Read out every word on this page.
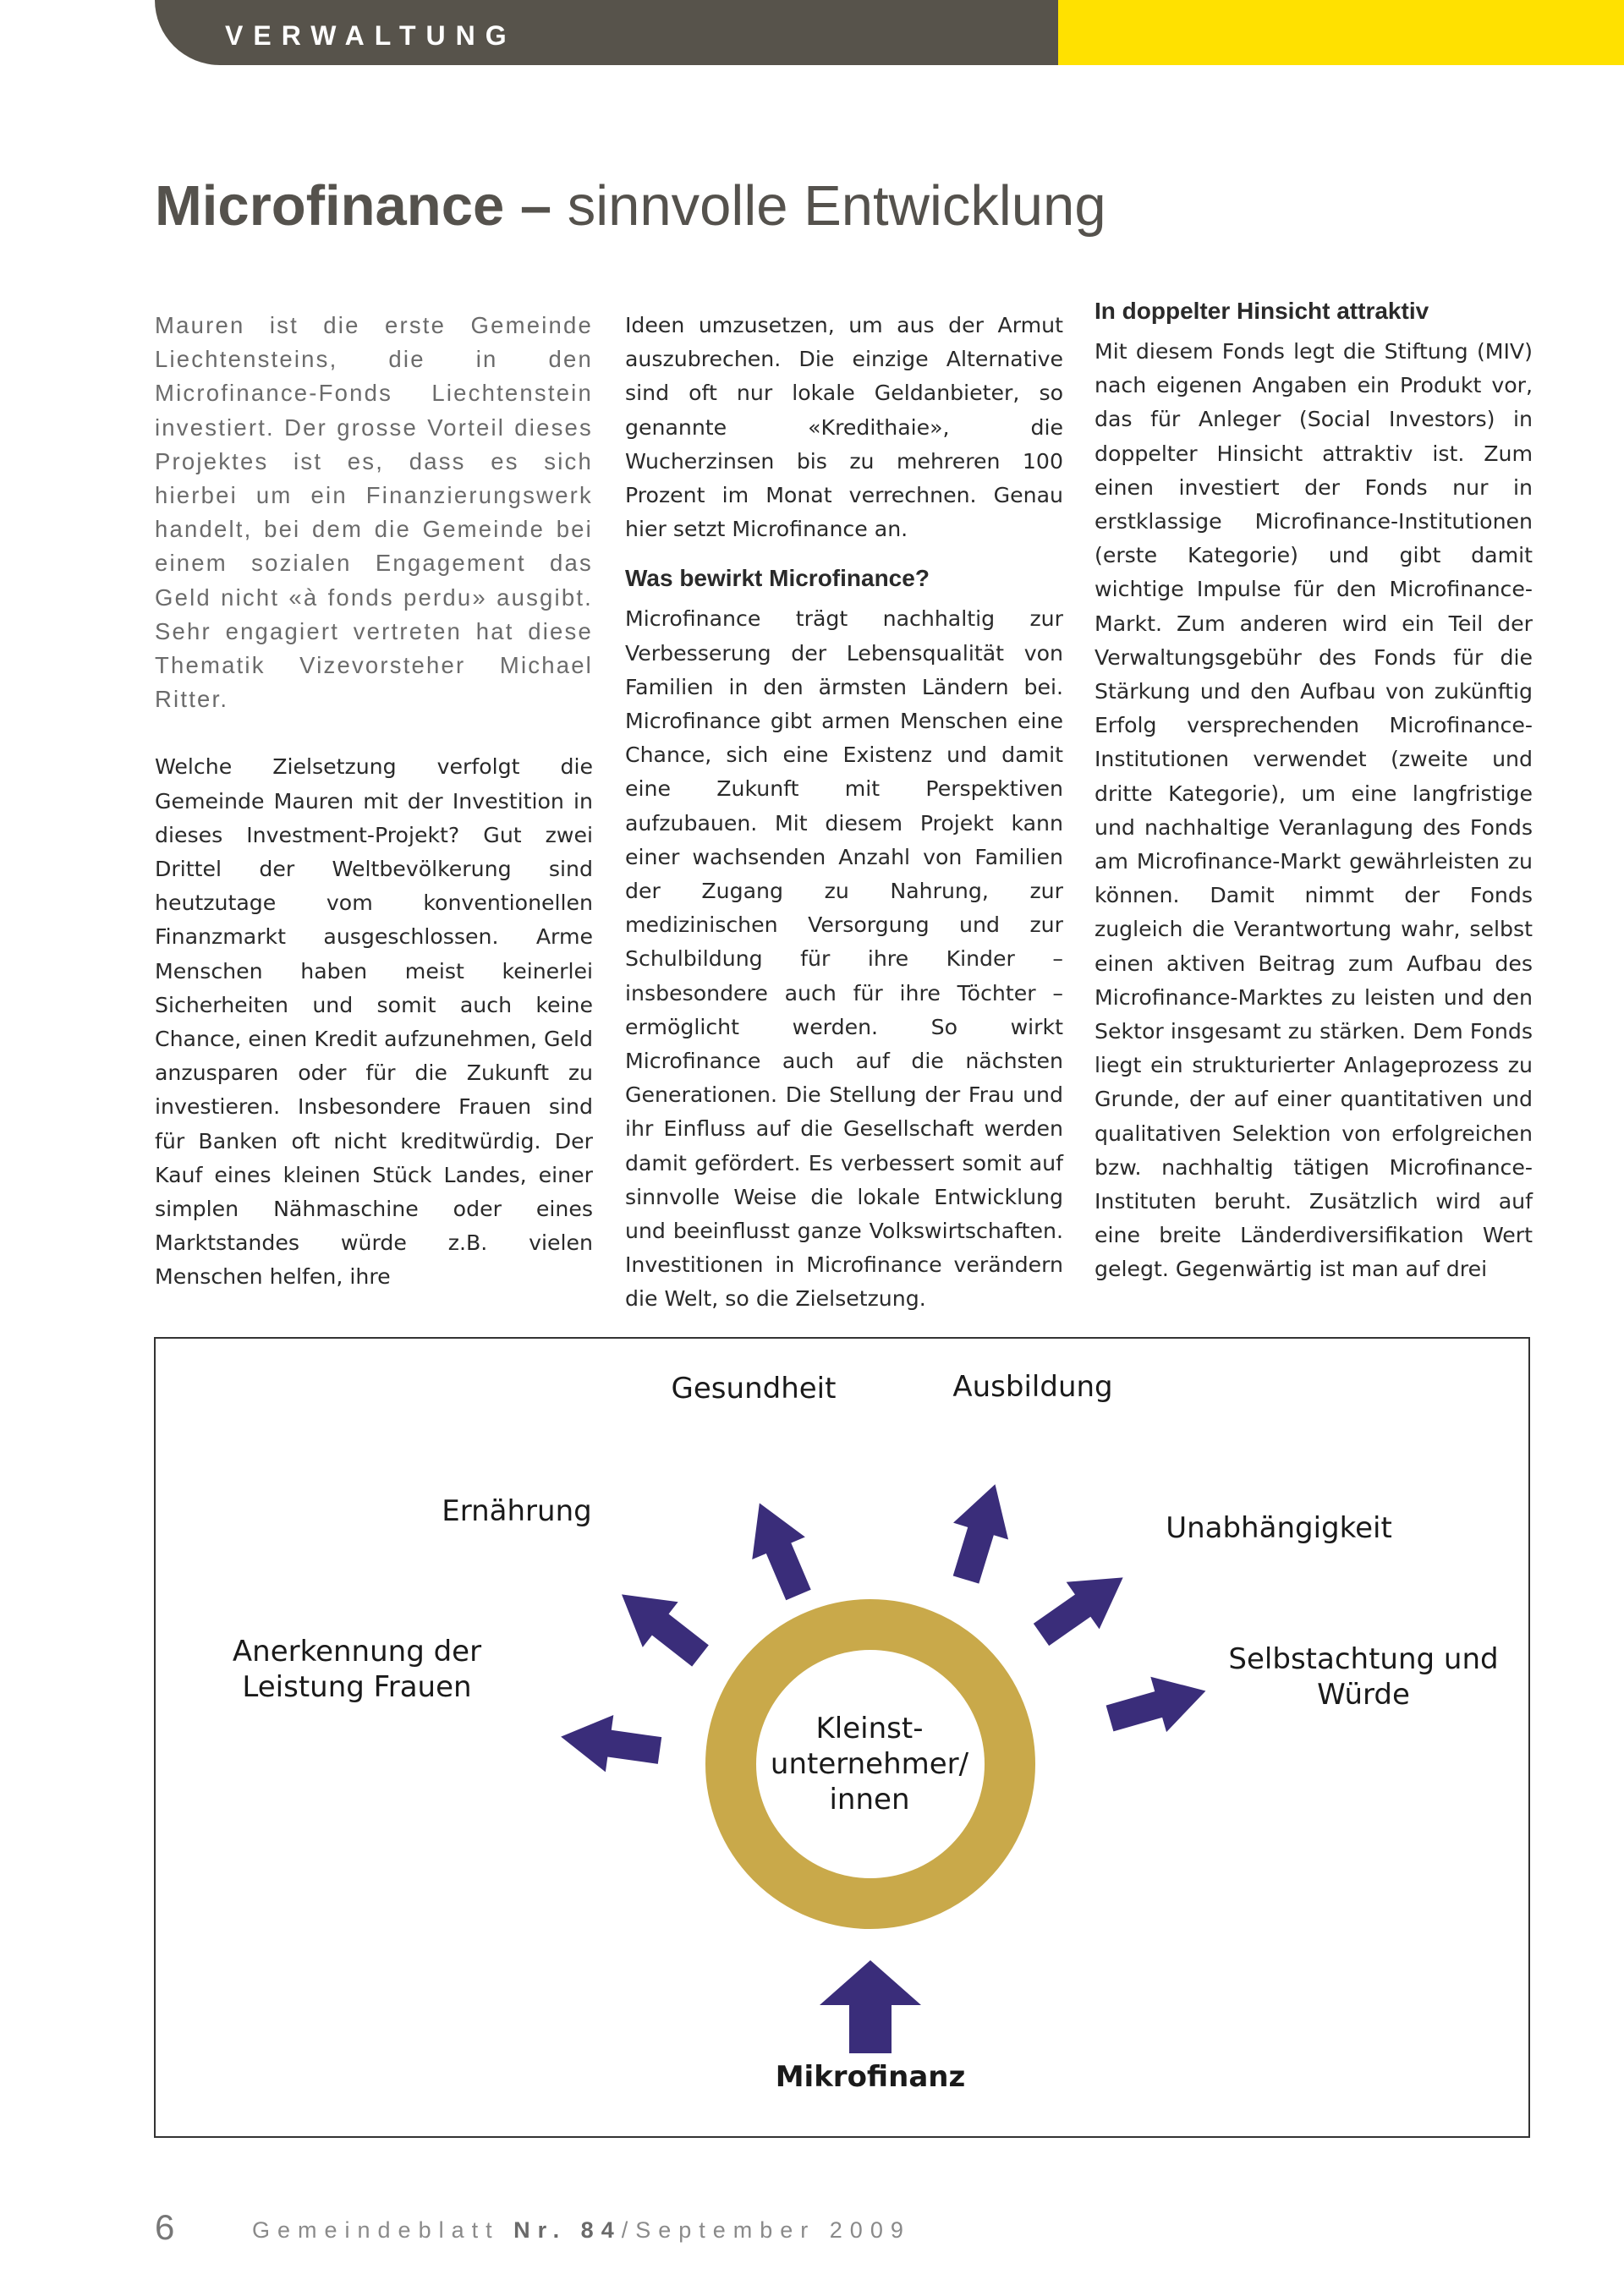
VERWALTUNG
Microfinance – sinnvolle Entwicklung

Mauren ist die erste Gemeinde Liechtensteins, die in den Microfinance-Fonds Liechtenstein investiert. Der grosse Vorteil dieses Projektes ist es, dass es sich hierbei um ein Finanzierungswerk handelt, bei dem die Gemeinde bei einem sozialen Engagement das Geld nicht «à fonds perdu» ausgibt. Sehr engagiert vertreten hat diese Thematik Vizevorsteher Michael Ritter.

Welche Zielsetzung verfolgt die Gemeinde Mauren mit der Investition in dieses Investment-Projekt? Gut zwei Drittel der Weltbevölkerung sind heutzutage vom konventionellen Finanzmarkt ausgeschlossen. Arme Menschen haben meist keinerlei Sicherheiten und somit auch keine Chance, einen Kredit aufzunehmen, Geld anzusparen oder für die Zukunft zu investieren. Insbesondere Frauen sind für Banken oft nicht kreditwürdig. Der Kauf eines kleinen Stück Landes, einer simplen Nähmaschine oder eines Marktstandes würde z.B. vielen Menschen helfen, ihre

Ideen umzusetzen, um aus der Armut auszubrechen. Die einzige Alternative sind oft nur lokale Geldanbieter, so genannte «Kredithaie», die Wucherzinsen bis zu mehreren 100 Prozent im Monat verrechnen. Genau hier setzt Microfinance an.

Was bewirkt Microfinance?

Microfinance trägt nachhaltig zur Verbesserung der Lebensqualität von Familien in den ärmsten Ländern bei. Microfinance gibt armen Menschen eine Chance, sich eine Existenz und damit eine Zukunft mit Perspektiven aufzubauen. Mit diesem Projekt kann einer wachsenden Anzahl von Familien der Zugang zu Nahrung, zur medizinischen Versorgung und zur Schulbildung für ihre Kinder – insbesondere auch für ihre Töchter – ermöglicht werden. So wirkt Microfinance auch auf die nächsten Generationen. Die Stellung der Frau und ihr Einfluss auf die Gesellschaft werden damit gefördert. Es verbessert somit auf sinnvolle Weise die lokale Entwicklung und beeinflusst ganze Volkswirtschaften. Investitionen in Microfinance verändern die Welt, so die Zielsetzung.

In doppelter Hinsicht attraktiv

Mit diesem Fonds legt die Stiftung (MIV) nach eigenen Angaben ein Produkt vor, das für Anleger (Social Investors) in doppelter Hinsicht attraktiv ist. Zum einen investiert der Fonds nur in erstklassige Microfinance-Institutionen (erste Kategorie) und gibt damit wichtige Impulse für den Microfinance-Markt. Zum anderen wird ein Teil der Verwaltungsgebühr des Fonds für die Stärkung und den Aufbau von zukünftig Erfolg versprechenden Microfinance-Institutionen verwendet (zweite und dritte Kategorie), um eine langfristige und nachhaltige Veranlagung des Fonds am Microfinance-Markt gewährleisten zu können. Damit nimmt der Fonds zugleich die Verantwortung wahr, selbst einen aktiven Beitrag zum Aufbau des Microfinance-Marktes zu leisten und den Sektor insgesamt zu stärken. Dem Fonds liegt ein strukturierter Anlageprozess zu Grunde, der auf einer quantitativen und qualitativen Selektion von erfolgreichen bzw. nachhaltig tätigen Microfinance-Instituten beruht. Zusätzlich wird auf eine breite Länderdiversifikation Wert gelegt. Gegenwärtig ist man auf drei

Kleinst-
unternehmer/
innen
Gesundheit	Ausbildung
Ernährung	Unabhängigkeit
Anerkennung der
Leistung Frauen
Selbstachtung und
Würde
Mikrofinanz
6	Gemeindeblatt Nr. 84/September 2009
